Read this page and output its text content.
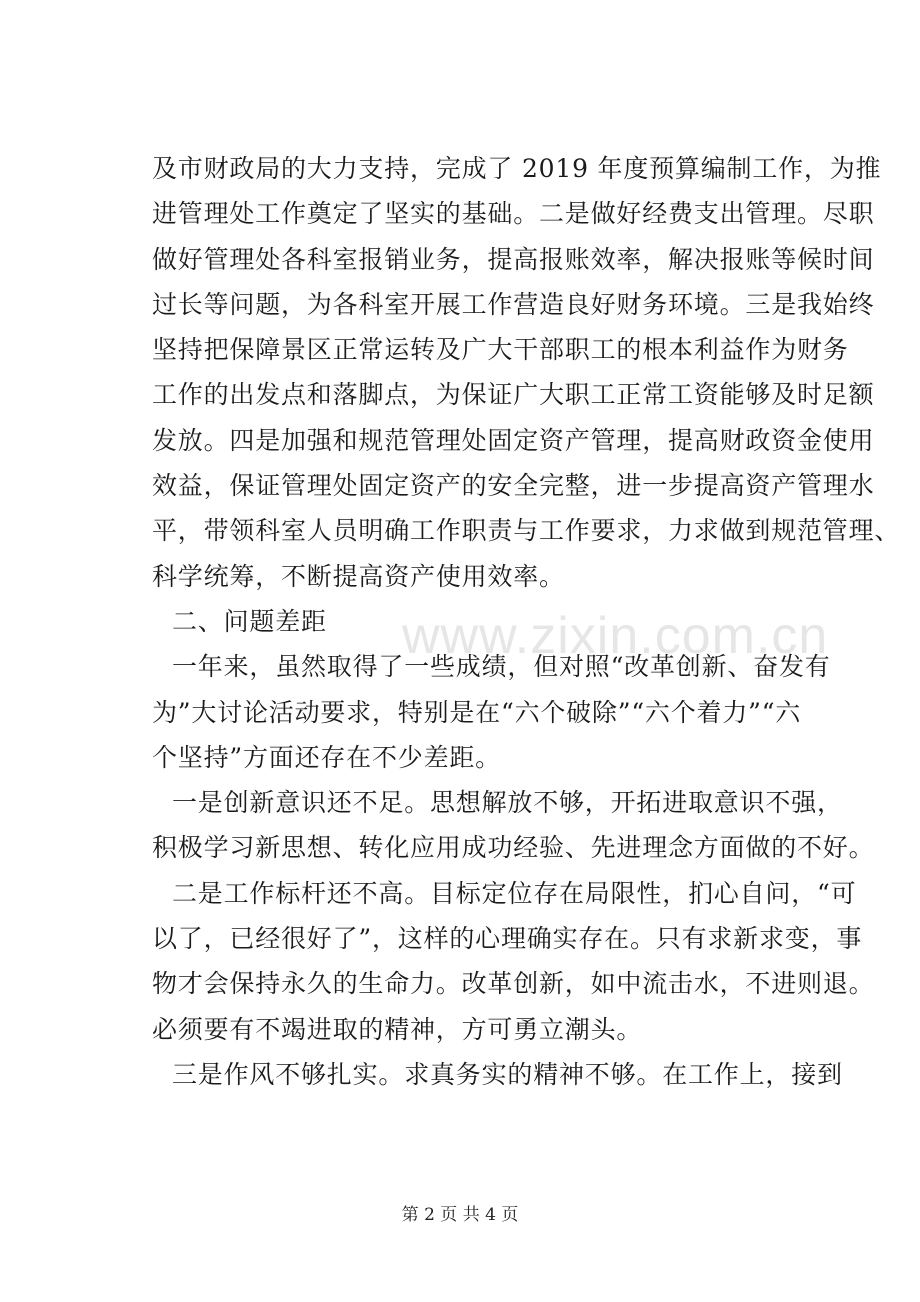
及市财政局的大力支持，完成了 2019 年度预算编制工作，为推

进管理处工作奠定了坚实的基础。二是做好经费支出管理。尽职

做好管理处各科室报销业务，提高报账效率，解决报账等候时间

过长等问题，为各科室开展工作营造良好财务环境。三是我始终

坚持把保障景区正常运转及广大干部职工的根本利益作为财务

工作的出发点和落脚点，为保证广大职工正常工资能够及时足额

发放。四是加强和规范管理处固定资产管理，提高财政资金使用

效益，保证管理处固定资产的安全完整，进一步提高资产管理水

平，带领科室人员明确工作职责与工作要求，力求做到规范管理、

科学统筹，不断提高资产使用效率。

二、问题差距

一年来，虽然取得了一些成绩，但对照“改革创新、奋发有

为”大讨论活动要求，特别是在“六个破除”“六个着力”“六

个坚持”方面还存在不少差距。

一是创新意识还不足。思想解放不够，开拓进取意识不强，

积极学习新思想、转化应用成功经验、先进理念方面做的不好。

二是工作标杆还不高。目标定位存在局限性，扪心自问，“可

以了，已经很好了”，这样的心理确实存在。只有求新求变，事

物才会保持永久的生命力。改革创新，如中流击水，不进则退。

必须要有不竭进取的精神，方可勇立潮头。

三是作风不够扎实。求真务实的精神不够。在工作上，接到

www.zixin.com.cn
第 2 页 共 4 页
